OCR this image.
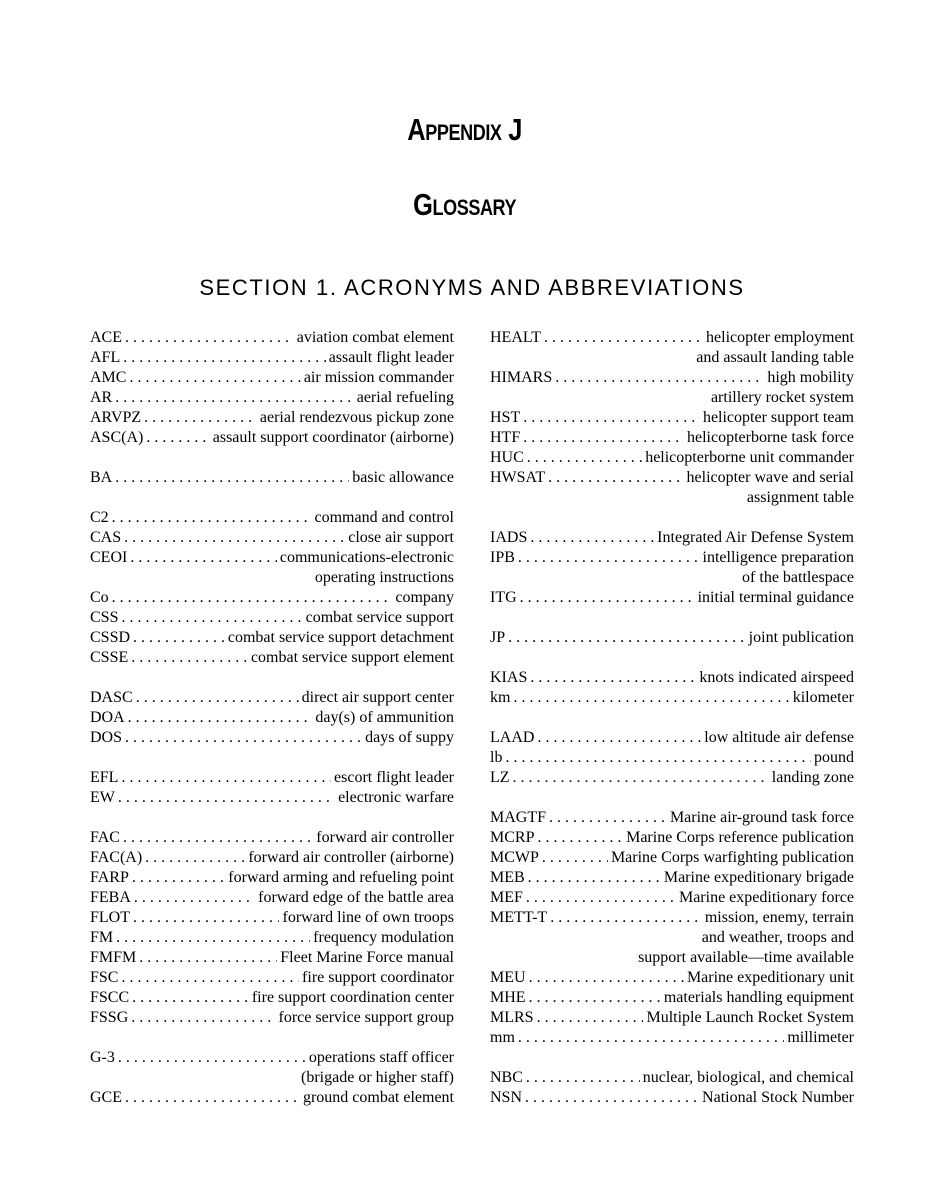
Appendix J
Glossary
SECTION 1. ACRONYMS AND ABBREVIATIONS
ACE . . .	aviation combat element
AFL . . .	assault flight leader
AMC . . .	air mission commander
AR . . .	aerial refueling
ARVPZ . . .	aerial rendezvous pickup zone
ASC(A) . . .	assault support coordinator (airborne)
BA . . .	basic allowance
C2 . . .	command and control
CAS . . .	close air support
CEOI . . .	communications-electronic
operating instructions
Co . . .	company
CSS . . .	combat service support
CSSD . . .	combat service support detachment
CSSE . . .	combat service support element
DASC . . .	direct air support center
DOA . . .	day(s) of ammunition
DOS . . .	days of suppy
EFL . . .	escort flight leader
EW . . .	electronic warfare
FAC . . .	forward air controller
FAC(A) . . .	forward air controller (airborne)
FARP . . .	forward arming and refueling point
FEBA . . .	forward edge of the battle area
FLOT . . .	forward line of own troops
FM . . .	frequency modulation
FMFM . . .	Fleet Marine Force manual
FSC . . .	fire support coordinator
FSCC . . .	fire support coordination center
FSSG . . .	force service support group
G-3 . . .	operations staff officer
(brigade or higher staff)
GCE . . .	ground combat element
HEALT . . .	helicopter employment
and assault landing table
HIMARS . . .	high mobility
artillery rocket system
HST . . .	helicopter support team
HTF . . .	helicopterborne task force
HUC . . .	helicopterborne unit commander
HWSAT . . .	helicopter wave and serial
assignment table
IADS . . .	Integrated Air Defense System
IPB . . .	intelligence preparation
of the battlespace
ITG . . .	initial terminal guidance
JP . . .	joint publication
KIAS . . .	knots indicated airspeed
km . . .	kilometer
LAAD . . .	low altitude air defense
lb . . .	pound
LZ . . .	landing zone
MAGTF . . .	Marine air-ground task force
MCRP . . .	Marine Corps reference publication
MCWP . . .	Marine Corps warfighting publication
MEB . . .	Marine expeditionary brigade
MEF . . .	Marine expeditionary force
METT-T . . .	mission, enemy, terrain
and weather, troops and
support available—time available
MEU . . .	Marine expeditionary unit
MHE . . .	materials handling equipment
MLRS . . .	Multiple Launch Rocket System
mm . . .	millimeter
NBC . . .	nuclear, biological, and chemical
NSN . . .	National Stock Number
